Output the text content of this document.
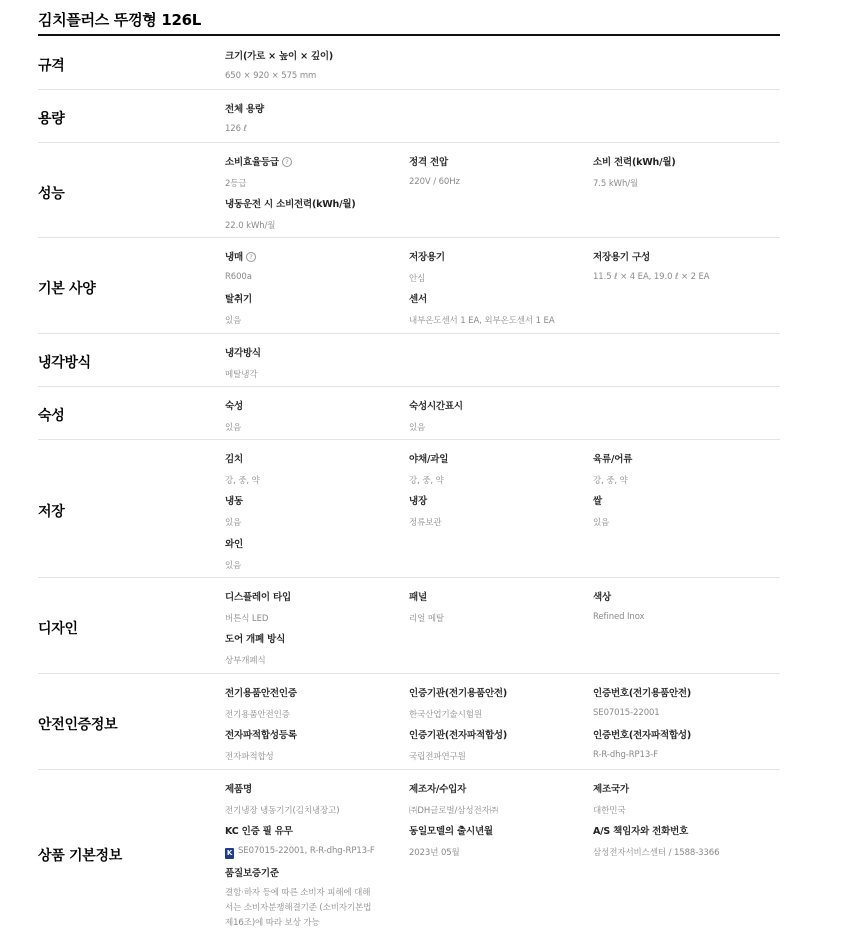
김치플러스 뚜껑형 126L
규격
크기(가로 × 높이 × 깊이)
650 × 920 × 575 mm
용량
전체 용량
126 ℓ
성능
소비효율등급 ?
2등급
정격 전압
220V / 60Hz
소비 전력(kWh/월)
7.5 kWh/월
냉동운전 시 소비전력(kWh/월)
22.0 kWh/월
기본 사양
냉매 ?
R600a
저장용기
안심
저장용기 구성
11.5 ℓ × 4 EA, 19.0 ℓ × 2 EA
탈취기
있음
센서
내부온도센서 1 EA, 외부온도센서 1 EA
냉각방식
냉각방식
메탈냉각
숙성
숙성
있음
숙성시간표시
있음
저장
김치
강, 중, 약
야채/과일
강, 중, 약
육류/어류
강, 중, 약
냉동
있음
냉장
정류보관
쌀
있음
와인
있음
디자인
디스플레이 타입
버튼식 LED
패널
리얼 메탈
색상
Refined Inox
도어 개폐 방식
상부개폐식
안전인증정보
전기용품안전인증
전기용품안전인증
인증기관(전기용품안전)
한국산업기술시험원
인증번호(전기용품안전)
SE07015-22001
전자파적합성등록
전자파적합성
인증기관(전자파적합성)
국립전파연구원
인증번호(전자파적합성)
R-R-dhg-RP13-F
상품 기본정보
제품명
전기냉장 냉동기기(김치냉장고)
제조자/수입자
㈜DH글로벌/삼성전자㈜
제조국가
대한민국
KC 인증 필 유무
K SE07015-22001, R-R-dhg-RP13-F
동일모델의 출시년월
2023년 05월
A/S 책임자와 전화번호
삼성전자서비스센터 / 1588-3366
품질보증기준
결함·하자 등에 따른 소비자 피해에 대해서는 소비자분쟁해결기준 (소비자기본법 제16조)에 따라 보상 가능
